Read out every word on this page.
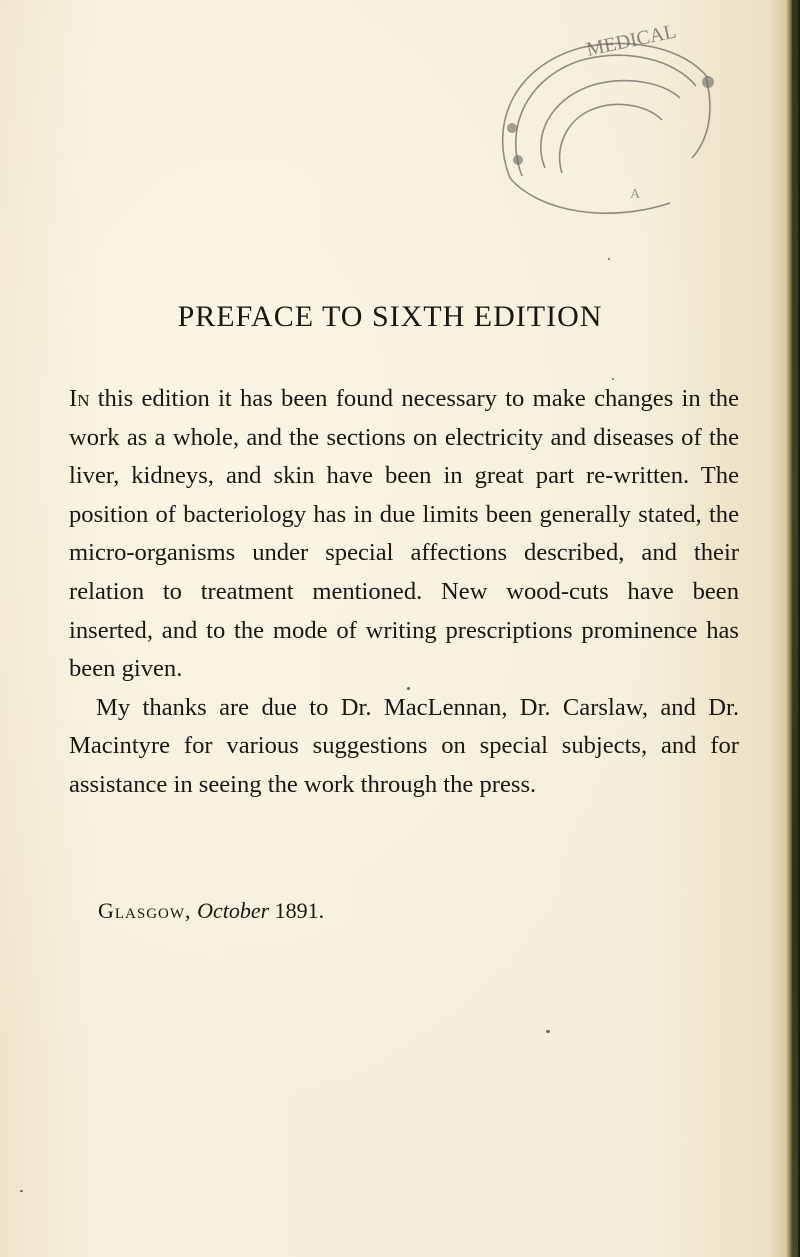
MEDICAL
A
PREFACE TO SIXTH EDITION

In this edition it has been found necessary to make changes in the work as a whole, and the sections on electricity and diseases of the liver, kidneys, and skin have been in great part re-written. The position of bacteriology has in due limits been generally stated, the micro-organisms under special affections described, and their relation to treatment mentioned. New wood-cuts have been inserted, and to the mode of writing prescriptions prominence has been given.

My thanks are due to Dr. MacLennan, Dr. Carslaw, and Dr. Macintyre for various suggestions on special subjects, and for assistance in seeing the work through the press.

Glasgow, October 1891.
